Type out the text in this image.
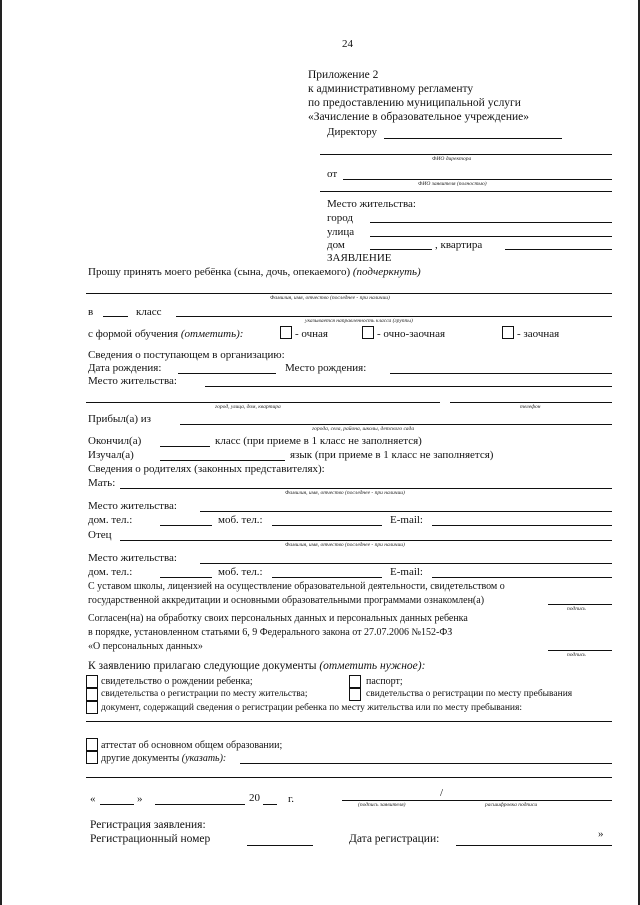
24
Приложение 2
к административному регламенту
по предоставлению муниципальной услуги
«Зачисление в образовательное учреждение»
Директору
ФИО директора
от
ФИО заявителя (полностью)
Место жительства:
город
улица
дом	, квартира
ЗАЯВЛЕНИЕ
Прошу принять моего ребёнка (сына, дочь, опекаемого) (подчеркнуть)
Фамилия, имя, отчество (последнее - при наличии)
в	класс
указывается направленность класса (группы)
с формой обучения (отметить):	- очная	- очно-заочная	- заочная
Сведения о поступающем в организацию:
Дата рождения:	Место рождения:
Место жительства:
город, улица, дом, квартира	телефон
Прибыл(а) из
города, села, района, школы, детского сада
Окончил(а)	класс (при приеме в 1 класс не заполняется)
Изучал(а)	язык (при приеме в 1 класс не заполняется)
Сведения о родителях (законных представителях):
Мать:
Фамилия, имя, отчество (последнее - при наличии)
Место жительства:
дом. тел.:	моб. тел.:	E-mail:
Отец
Фамилия, имя, отчество (последнее - при наличии)
Место жительства:
дом. тел.:	моб. тел.:	E-mail:
С уставом школы, лицензией на осуществление образовательной деятельности, свидетельством о
государственной аккредитации и основными образовательными программами ознакомлен(а)
подпись
Согласен(на) на обработку своих персональных данных и персональных данных ребенка
в порядке, установленном статьями 6, 9 Федерального закона от 27.07.2006 №152-ФЗ
«О персональных данных»
подпись
К заявлению прилагаю следующие документы (отметить нужное):
свидетельство о рождении ребенка;	паспорт;
свидетельства о регистрации по месту жительства;	свидетельства о регистрации по месту пребывания
документ, содержащий сведения о регистрации ребенка по месту жительства или по месту пребывания:
аттестат об основном общем образовании;
другие документы (указать):
«	»	20	г.	/
(подпись заявителя)	расшифровка подписи
Регистрация заявления:
Регистрационный номер	Дата регистрации:	»
